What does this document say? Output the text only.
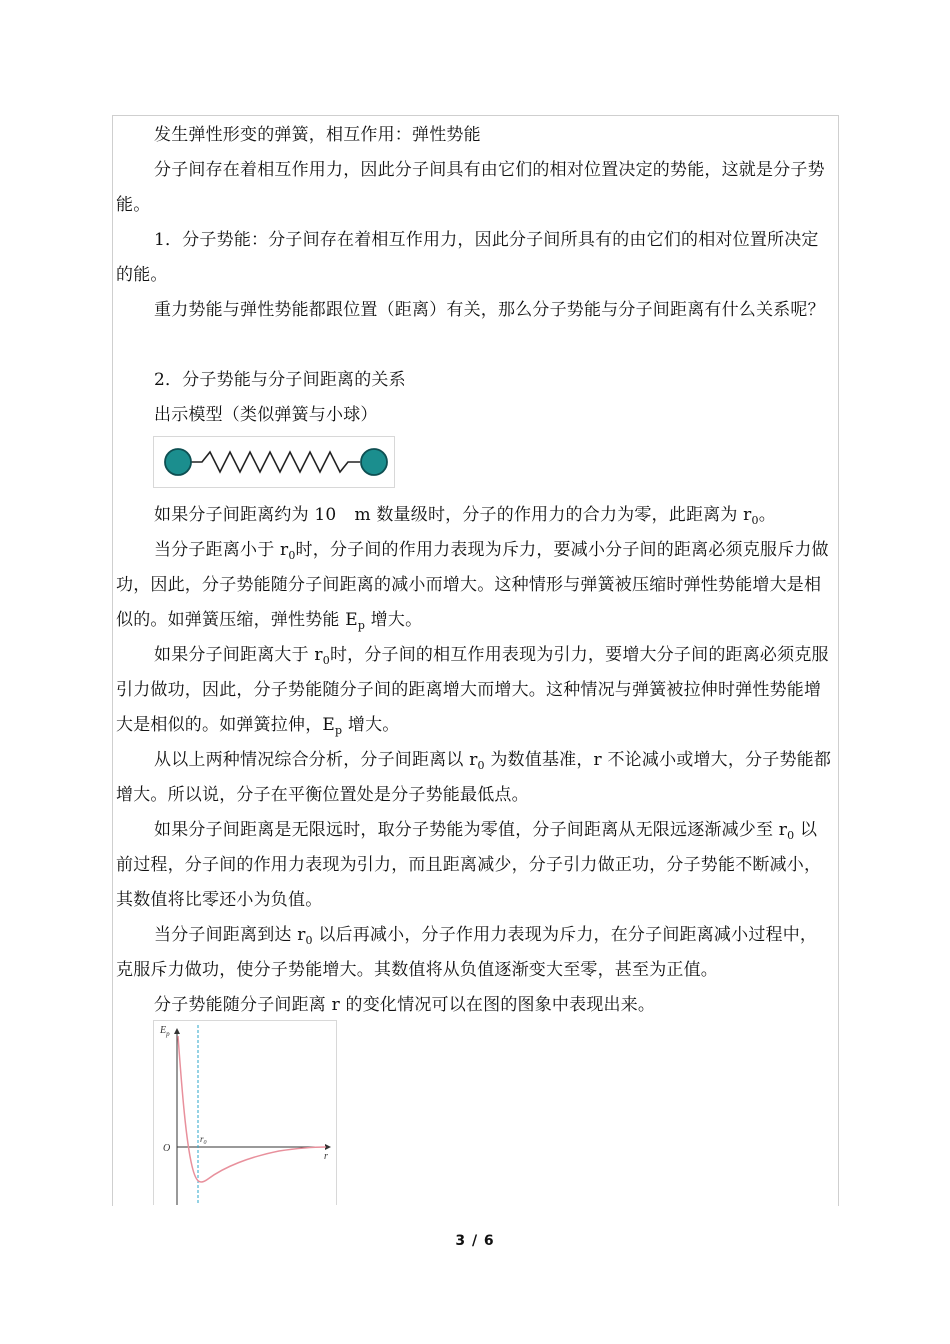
发生弹性形变的弹簧，相互作用：弹性势能

分子间存在着相互作用力，因此分子间具有由它们的相对位置决定的势能，这就是分子势能。

1．分子势能：分子间存在着相互作用力，因此分子间所具有的由它们的相对位置所决定的能。

重力势能与弹性势能都跟位置（距离）有关，那么分子势能与分子间距离有什么关系呢？

2．分子势能与分子间距离的关系

出示模型（类似弹簧与小球）

如果分子间距离约为 10 m 数量级时，分子的作用力的合力为零，此距离为 $r_0$。

当分子距离小于 $r_0$时，分子间的作用力表现为斥力，要减小分子间的距离必须克服斥力做功，因此，分子势能随分子间距离的减小而增大。这种情形与弹簧被压缩时弹性势能增大是相似的。如弹簧压缩，弹性势能 $E_p$ 增大。

如果分子间距离大于 $r_0$时，分子间的相互作用表现为引力，要增大分子间的距离必须克服引力做功，因此，分子势能随分子间的距离增大而增大。这种情况与弹簧被拉伸时弹性势能增大是相似的。如弹簧拉伸，$E_p$ 增大。

从以上两种情况综合分析，分子间距离以 $r_0$ 为数值基准，r 不论减小或增大，分子势能都增大。所以说，分子在平衡位置处是分子势能最低点。

如果分子间距离是无限远时，取分子势能为零值，分子间距离从无限远逐渐减少至 $r_0$ 以前过程，分子间的作用力表现为引力，而且距离减少，分子引力做正功，分子势能不断减小，其数值将比零还小为负值。

当分子间距离到达 $r_0$ 以后再减小，分子作用力表现为斥力，在分子间距离减小过程中，克服斥力做功，使分子势能增大。其数值将从负值逐渐变大至零，甚至为正值。

分子势能随分子间距离 r 的变化情况可以在图的图象中表现出来。

$E_p$
O
r
$r_0$
3 / 6
